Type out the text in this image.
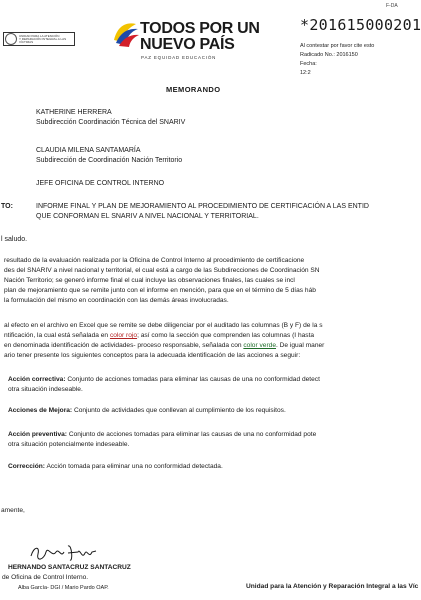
F-DA
UNIDAD PARA LA ATENCIÓN
Y REPARACIÓN INTEGRAL A LAS VÍCTIMAS
TODOS POR UN
NUEVO PAÍS
PAZ EQUIDAD EDUCACIÓN
*201615000201
Al contestar por favor cite esto
Radicado No.: 2016150
Fecha:
12:2
MEMORANDO
KATHERINE HERRERA
Subdirección Coordinación Técnica del SNARIV
CLAUDIA MILENA SANTAMARÍA
Subdirección de Coordinación Nación Territorio
JEFE OFICINA DE CONTROL INTERNO
TO:	INFORME FINAL Y PLAN DE MEJORAMIENTO AL PROCEDIMIENTO DE CERTIFICACIÓN A LAS ENTID
QUE CONFORMAN EL SNARIV A NIVEL NACIONAL Y TERRITORIAL.
l saludo.
resultado de la evaluación realizada por la Oficina de Control Interno al procedimiento de certificacione
des del SNARIV a nivel nacional y territorial, el cual está a cargo de las Subdirecciones de Coordinación SN
Nación Territorio; se generó informe final el cual incluye las observaciones finales, las cuales se incl
plan de mejoramiento que se remite junto con el informe en mención, para que en el término de 5 días háb
la formulación del mismo en coordinación con las demás áreas involucradas.
al efecto en el archivo en Excel que se remite se debe diligenciar por el auditado las columnas (B y F) de la s
ntificación, la cual está señalada en color rojo; así como la sección que comprenden las columnas (I hasta
en denominada identificación de actividades- proceso responsable, señalada con color verde. De igual maner
ario tener presente los siguientes conceptos para la adecuada identificación de las acciones a seguir:
Acción correctiva: Conjunto de acciones tomadas para eliminar las causas de una no conformidad detect
otra situación indeseable.
Acciones de Mejora: Conjunto de actividades que conllevan al cumplimiento de los requisitos.
Acción preventiva: Conjunto de acciones tomadas para eliminar las causas de una no conformidad pote
otra situación potencialmente indeseable.
Corrección: Acción tomada para eliminar una no conformidad detectada.
amente,
HERNANDO SANTACRUZ SANTACRUZ
de Oficina de Control Interno.
Alba García- DGI / Mario Pardo OAP.	Unidad para la Atención y Reparación Integral a las Víc
